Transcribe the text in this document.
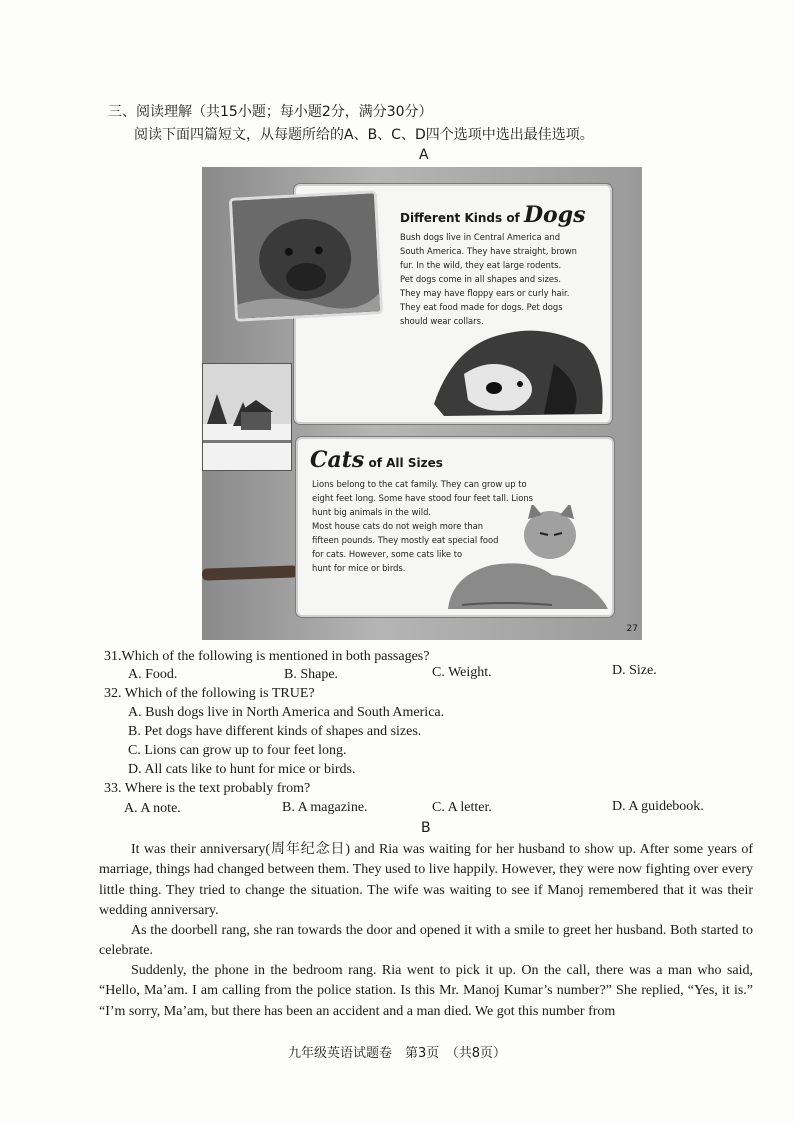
三、阅读理解（共15小题；每小题2分，满分30分）
阅读下面四篇短文，从每题所给的A、B、C、D四个选项中选出最佳选项。
A
Different Kinds of Dogs
Bush dogs live in Central America and
South America. They have straight, brown
fur. In the wild, they eat large rodents.
Pet dogs come in all shapes and sizes.
They may have floppy ears or curly hair.
They eat food made for dogs. Pet dogs
should wear collars.
Cats of All Sizes
Lions belong to the cat family. They can grow up to
eight feet long. Some have stood four feet tall. Lions
hunt big animals in the wild.
Most house cats do not weigh more than
fifteen pounds. They mostly eat special food
for cats. However, some cats like to
hunt for mice or birds.
27
31.Which of the following is mentioned in both passages?
A. Food.	B. Shape.	C. Weight.	D. Size.
32. Which of the following is TRUE?
A. Bush dogs live in North America and South America.
B. Pet dogs have different kinds of shapes and sizes.
C. Lions can grow up to four feet long.
D. All cats like to hunt for mice or birds.
33. Where is the text probably from?
A. A note.	B. A magazine.	C. A letter.	D. A guidebook.
B
It was their anniversary(周年纪念日) and Ria was waiting for her husband to show up. After some years of marriage, things had changed between them. They used to live happily. However, they were now fighting over every little thing. They tried to change the situation. The wife was waiting to see if Manoj remembered that it was their wedding anniversary.
As the doorbell rang, she ran towards the door and opened it with a smile to greet her husband. Both started to celebrate.
Suddenly, the phone in the bedroom rang. Ria went to pick it up. On the call, there was a man who said, “Hello, Ma’am. I am calling from the police station. Is this Mr. Manoj Kumar’s number?” She replied, “Yes, it is.” “I’m sorry, Ma’am, but there has been an accident and a man died. We got this number from
九年级英语试题卷　第3页　（共8页）
